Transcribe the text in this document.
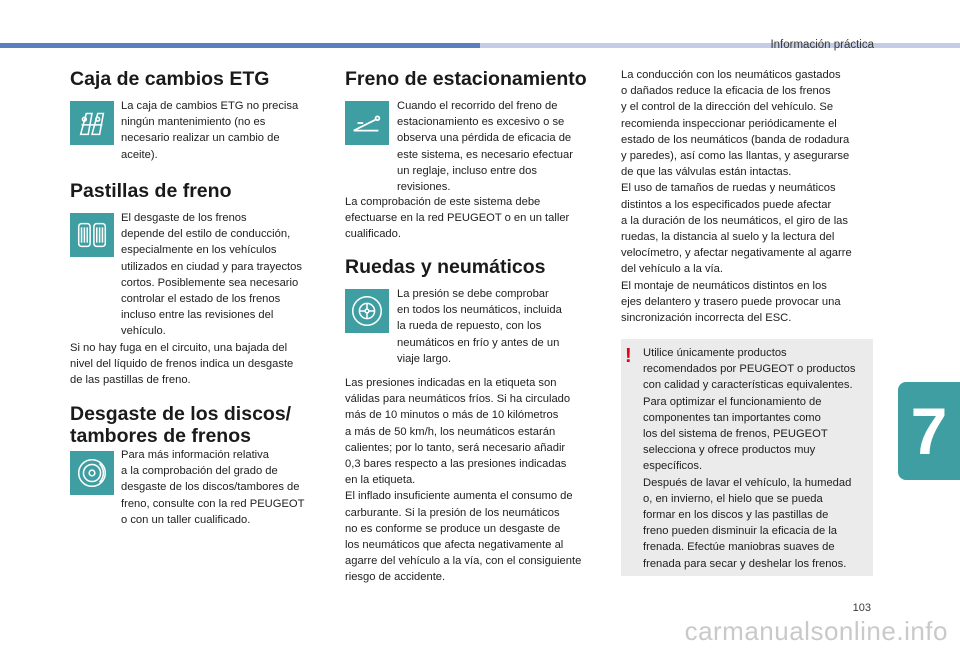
Información práctica
Caja de cambios ETG

La caja de cambios ETG no precisa
ningún mantenimiento (no es
necesario realizar un cambio de
aceite).

Pastillas de freno

El desgaste de los frenos
depende del estilo de conducción,
especialmente en los vehículos
utilizados en ciudad y para trayectos
cortos. Posiblemente sea necesario
controlar el estado de los frenos
incluso entre las revisiones del
vehículo.

Si no hay fuga en el circuito, una bajada del
nivel del líquido de frenos indica un desgaste
de las pastillas de freno.

Desgaste de los discos/
tambores de frenos

Para más información relativa
a la comprobación del grado de
desgaste de los discos/tambores de
freno, consulte con la red PEUGEOT
o con un taller cualificado.

Freno de estacionamiento

Cuando el recorrido del freno de
estacionamiento es excesivo o se
observa una pérdida de eficacia de
este sistema, es necesario efectuar
un reglaje, incluso entre dos
revisiones.

La comprobación de este sistema debe
efectuarse en la red PEUGEOT o en un taller
cualificado.

Ruedas y neumáticos

La presión se debe comprobar
en todos los neumáticos, incluida
la rueda de repuesto, con los
neumáticos en frío y antes de un
viaje largo.

Las presiones indicadas en la etiqueta son
válidas para neumáticos fríos. Si ha circulado
más de 10 minutos o más de 10 kilómetros
a más de 50 km/h, los neumáticos estarán
calientes; por lo tanto, será necesario añadir
0,3 bares respecto a las presiones indicadas
en la etiqueta.
El inflado insuficiente aumenta el consumo de
carburante. Si la presión de los neumáticos
no es conforme se produce un desgaste de
los neumáticos que afecta negativamente al
agarre del vehículo a la vía, con el consiguiente
riesgo de accidente.

La conducción con los neumáticos gastados
o dañados reduce la eficacia de los frenos
y el control de la dirección del vehículo. Se
recomienda inspeccionar periódicamente el
estado de los neumáticos (banda de rodadura
y paredes), así como las llantas, y asegurarse
de que las válvulas están intactas.
El uso de tamaños de ruedas y neumáticos
distintos a los especificados puede afectar
a la duración de los neumáticos, el giro de las
ruedas, la distancia al suelo y la lectura del
velocímetro, y afectar negativamente al agarre
del vehículo a la vía.
El montaje de neumáticos distintos en los
ejes delantero y trasero puede provocar una
sincronización incorrecta del ESC.

! Utilice únicamente productos
recomendados por PEUGEOT o productos
con calidad y características equivalentes.
Para optimizar el funcionamiento de
componentes tan importantes como
los del sistema de frenos, PEUGEOT
selecciona y ofrece productos muy
específicos.
Después de lavar el vehículo, la humedad
o, en invierno, el hielo que se pueda
formar en los discos y las pastillas de
freno pueden disminuir la eficacia de la
frenada. Efectúe maniobras suaves de
frenada para secar y deshelar los frenos.

7
103
carmanualsonline.info
